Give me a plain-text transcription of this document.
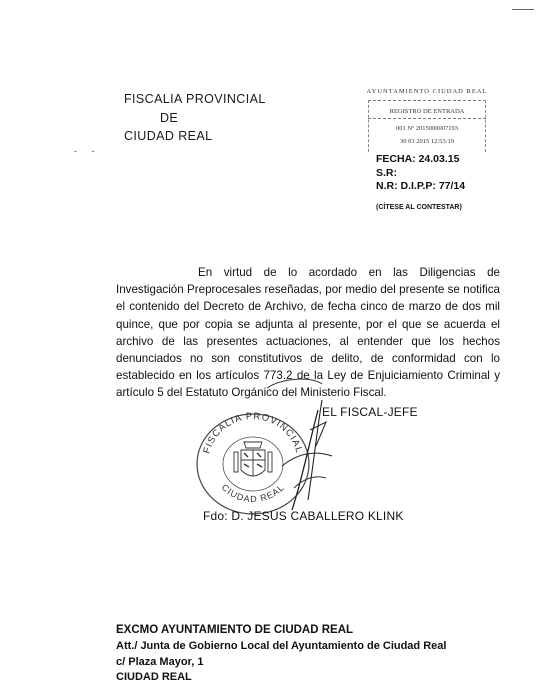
- -
FISCALIA PROVINCIAL
DE
CIUDAD REAL
AYUNTAMIENTO CIUDAD REAL
REGISTRO DE ENTRADA
001 Nº 2015000007193
30 03 2015 12:53:19
FECHA: 24.03.15
S.R:
N.R: D.I.P.P: 77/14
(CÍTESE AL CONTESTAR)
En virtud de lo acordado en las Diligencias de Investigación Preprocesales reseñadas, por medio del presente se notifica el contenido del Decreto de Archivo, de fecha cinco de marzo de dos mil quince, que por copia se adjunta al presente, por el que se acuerda el archivo de las presentes actuaciones, al entender que los hechos denunciados no son constitutivos de delito, de conformidad con lo establecido en los artículos 773.2 de la Ley de Enjuiciamiento Criminal y artículo 5 del Estatuto Orgánico del Ministerio Fiscal.
FISCALIA PROVINCIAL
CIUDAD REAL
EL FISCAL-JEFE
Fdo: D. JESÚS CABALLERO KLINK
EXCMO AYUNTAMIENTO DE CIUDAD REAL
Att./ Junta de Gobierno Local del Ayuntamiento de Ciudad Real
c/ Plaza Mayor, 1
CIUDAD REAL
